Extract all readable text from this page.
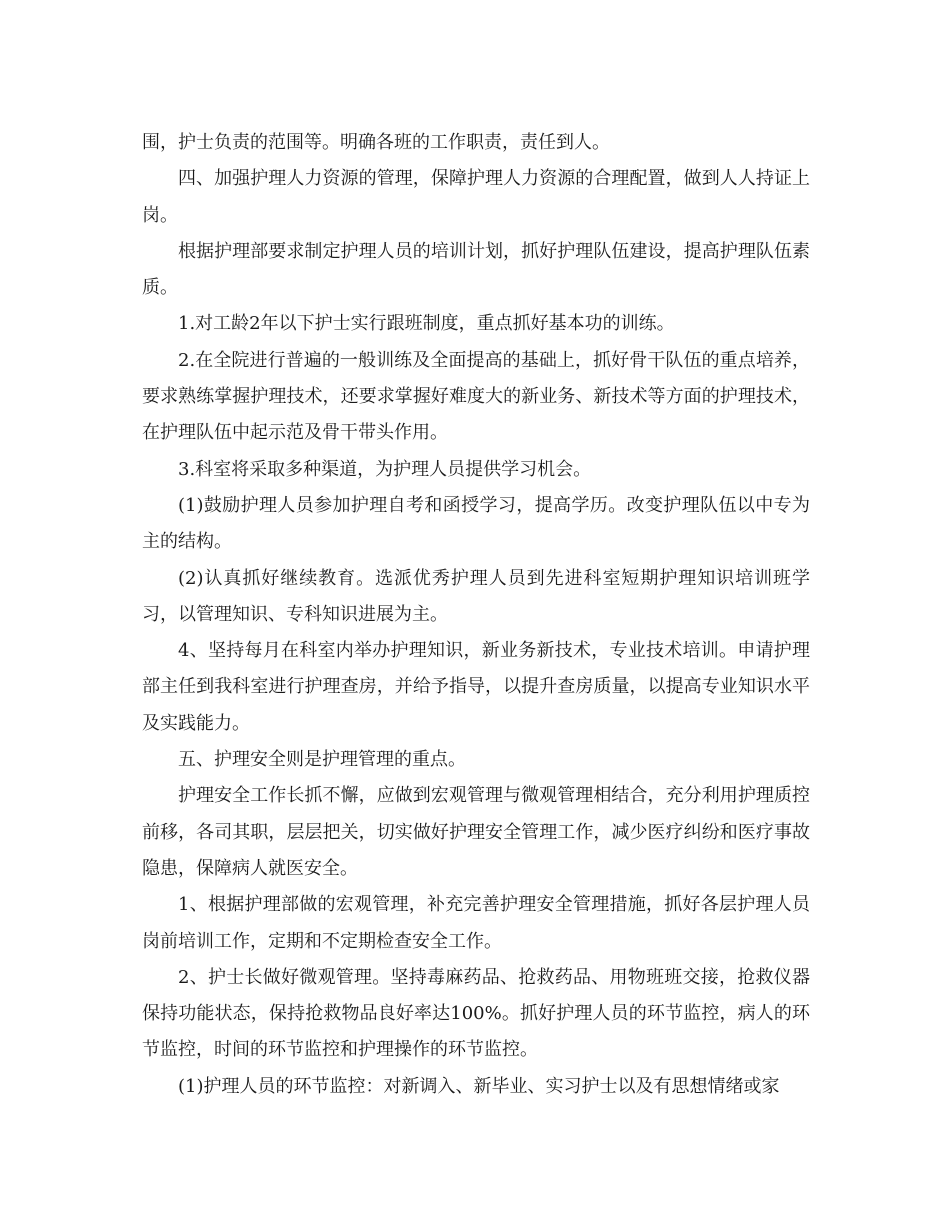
围，护士负责的范围等。明确各班的工作职责，责任到人。

四、加强护理人力资源的管理，保障护理人力资源的合理配置，做到人人持证上岗。

根据护理部要求制定护理人员的培训计划，抓好护理队伍建设，提高护理队伍素质。

1.对工龄2年以下护士实行跟班制度，重点抓好基本功的训练。

2.在全院进行普遍的一般训练及全面提高的基础上，抓好骨干队伍的重点培养，要求熟练掌握护理技术，还要求掌握好难度大的新业务、新技术等方面的护理技术，在护理队伍中起示范及骨干带头作用。

3.科室将采取多种渠道，为护理人员提供学习机会。

(1)鼓励护理人员参加护理自考和函授学习，提高学历。改变护理队伍以中专为主的结构。

(2)认真抓好继续教育。选派优秀护理人员到先进科室短期护理知识培训班学习，以管理知识、专科知识进展为主。

4、坚持每月在科室内举办护理知识，新业务新技术，专业技术培训。申请护理部主任到我科室进行护理查房，并给予指导，以提升查房质量，以提高专业知识水平及实践能力。

五、护理安全则是护理管理的重点。

护理安全工作长抓不懈，应做到宏观管理与微观管理相结合，充分利用护理质控前移，各司其职，层层把关，切实做好护理安全管理工作，减少医疗纠纷和医疗事故隐患，保障病人就医安全。

1、根据护理部做的宏观管理，补充完善护理安全管理措施，抓好各层护理人员岗前培训工作，定期和不定期检查安全工作。

2、护士长做好微观管理。坚持毒麻药品、抢救药品、用物班班交接，抢救仪器保持功能状态，保持抢救物品良好率达100%。抓好护理人员的环节监控，病人的环节监控，时间的环节监控和护理操作的环节监控。

(1)护理人员的环节监控：对新调入、新毕业、实习护士以及有思想情绪或家
